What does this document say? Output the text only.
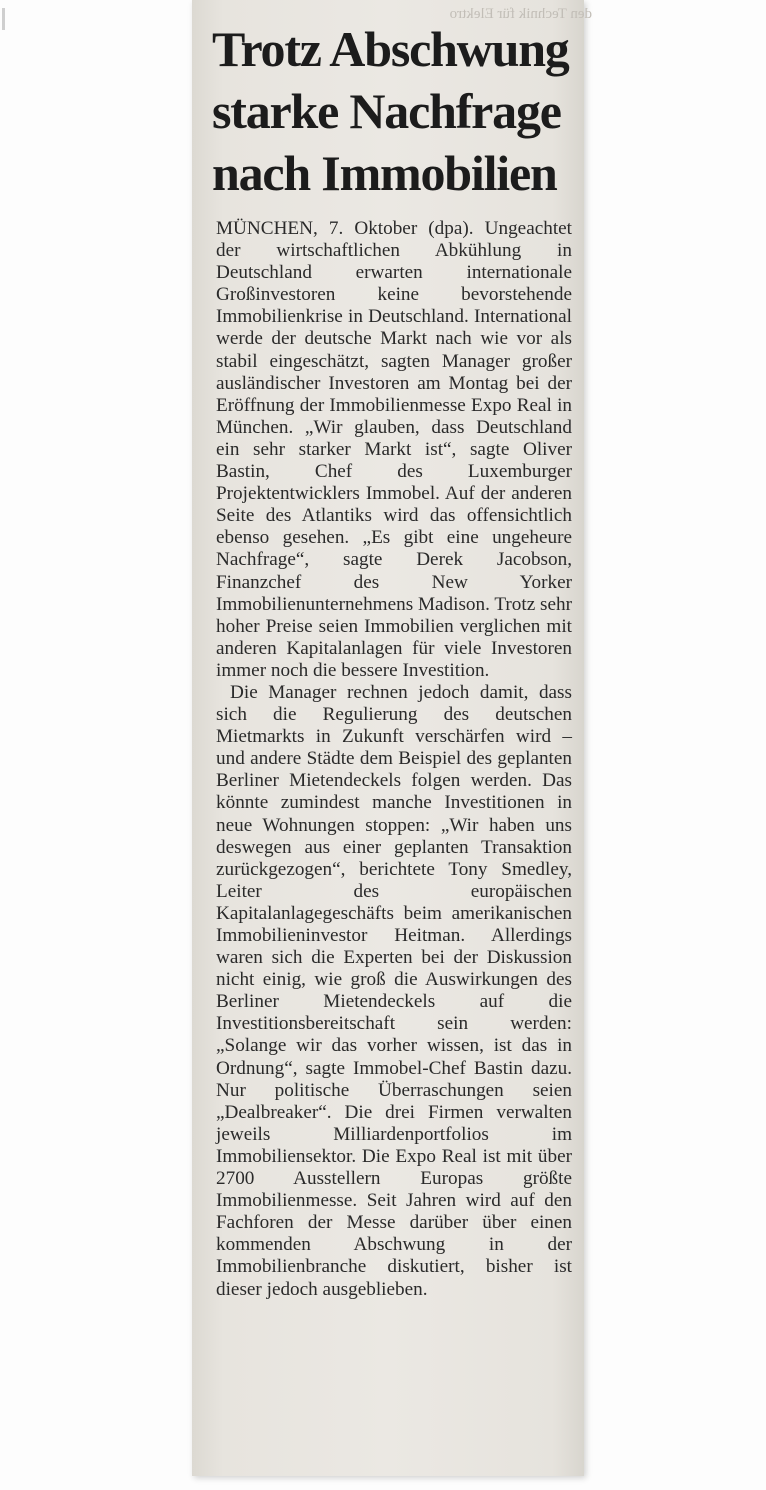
den Technik für Elektro
Trotz Abschwung
starke Nachfrage
nach Immobilien

MÜNCHEN, 7. Oktober (dpa). Ungeachtet der wirtschaftlichen Abkühlung in Deutschland erwarten internationale Großinvestoren keine bevorstehende Immobilienkrise in Deutschland. International werde der deutsche Markt nach wie vor als stabil eingeschätzt, sagten Manager großer ausländischer Investoren am Montag bei der Eröffnung der Immobilienmesse Expo Real in München. „Wir glauben, dass Deutschland ein sehr starker Markt ist“, sagte Oliver Bastin, Chef des Luxemburger Projektentwicklers Immobel. Auf der anderen Seite des Atlantiks wird das offensichtlich ebenso gesehen. „Es gibt eine ungeheure Nachfrage“, sagte Derek Jacobson, Finanzchef des New Yorker Immobilienunternehmens Madison. Trotz sehr hoher Preise seien Immobilien verglichen mit anderen Kapitalanlagen für viele Investoren immer noch die bessere Investition.

Die Manager rechnen jedoch damit, dass sich die Regulierung des deutschen Mietmarkts in Zukunft verschärfen wird – und andere Städte dem Beispiel des geplanten Berliner Mietendeckels folgen werden. Das könnte zumindest manche Investitionen in neue Wohnungen stoppen: „Wir haben uns deswegen aus einer geplanten Transaktion zurückgezogen“, berichtete Tony Smedley, Leiter des europäischen Kapitalanlagegeschäfts beim amerikanischen Immobilieninvestor Heitman. Allerdings waren sich die Experten bei der Diskussion nicht einig, wie groß die Auswirkungen des Berliner Mietendeckels auf die Investitionsbereitschaft sein werden: „Solange wir das vorher wissen, ist das in Ordnung“, sagte Immobel-Chef Bastin dazu. Nur politische Überraschungen seien „Dealbreaker“. Die drei Firmen verwalten jeweils Milliardenportfolios im Immobiliensektor. Die Expo Real ist mit über 2700 Ausstellern Europas größte Immobilienmesse. Seit Jahren wird auf den Fachforen der Messe darüber über einen kommenden Abschwung in der Immobilienbranche diskutiert, bisher ist dieser jedoch ausgeblieben.
